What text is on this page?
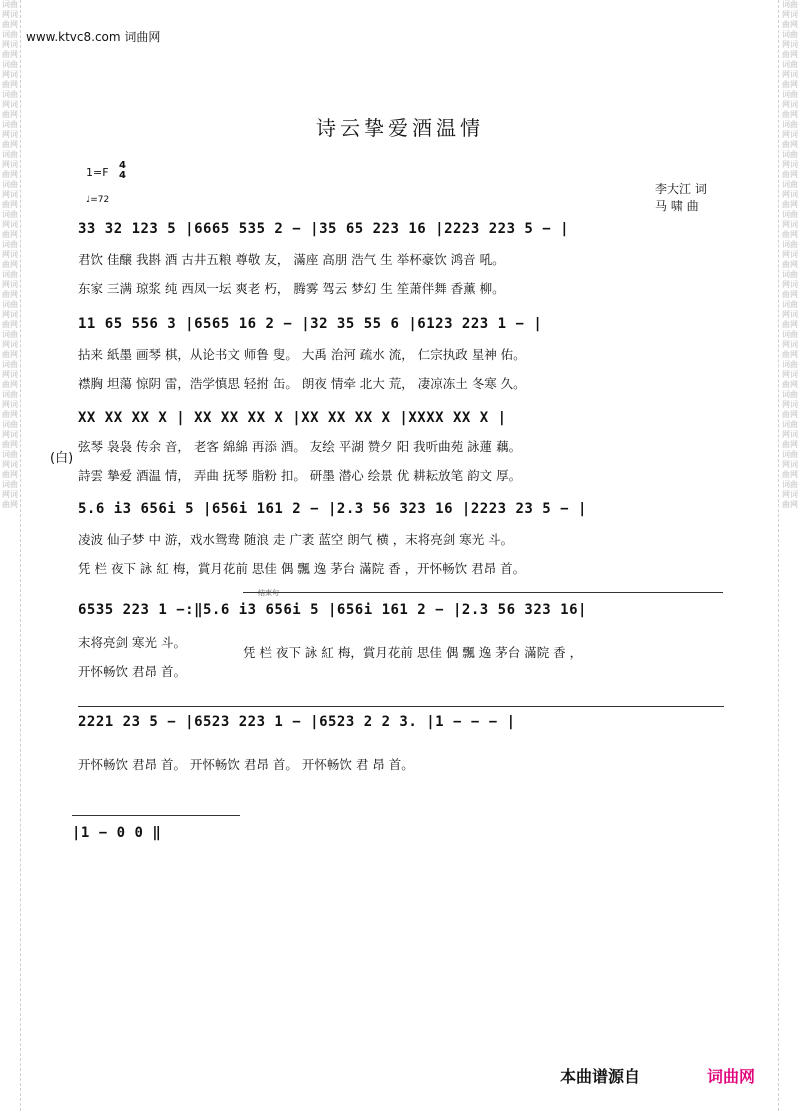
词曲网词曲网词曲网词曲网词曲网词曲网词曲网词曲网词曲网词曲网词曲网词曲网词曲网词曲网词曲网词曲网词曲网词曲网词曲网词曲网词曲网词曲网词曲网词曲网词曲网词曲网词曲网词曲网词曲网词曲网词曲网词曲网词曲网词曲网
词曲网词曲网词曲网词曲网词曲网词曲网词曲网词曲网词曲网词曲网词曲网词曲网词曲网词曲网词曲网词曲网词曲网词曲网词曲网词曲网词曲网词曲网词曲网词曲网词曲网词曲网词曲网词曲网词曲网词曲网词曲网词曲网词曲网词曲网
www.ktvc8.com 词曲网
诗云挚爱酒温情
1=F
4
4
♩=72
李大江 词
马 啸 曲
33 32 123 5 |6665 535 2 − |35 65 223 16 |2223 223 5 − |
君饮 佳醸 我斟 酒 古井五粮 尊敬 友， 滿座 高朋 浩气 生 举杯豪饮 鸿音 吼。
东家 三满 琼浆 纯 西凤一坛 爽老 朽， 腾雾 驾云 梦幻 生 笙萧伴舞 香薰 柳。
11 65 556 3 |6565 16 2 − |32 35 55 6 |6123 223 1 − |
拈来 紙墨 画琴 棋，从论书文 师鲁 叟。 大禹 治河 疏水 流， 仁宗执政 星神 佑。
襟胸 坦蕩 惊阴 雷，浩学慎思 轻拊 缶。 朗夜 情牵 北大 荒， 凄凉冻土 冬寒 久。
XX XX XX X | XX XX XX X |XX XX XX X |XXXX XX X |
(白)
弦琴 袅袅 传余 音， 老客 綿綿 再添 酒。 友绘 平湖 赞夕 阳 我听曲苑 詠蓮 藕。
詩雲 摯爱 酒温 情， 弄曲 抚琴 脂粉 扣。 研墨 潜心 绘景 优 耕耘放笔 韵文 厚。
5.6 i3 656i 5 |656i 161 2 − |2.3 56 323 16 |2223 23 5 − |
凌波 仙子梦 中 游，戏水鸳鸯 随浪 走 广袤 蓝空 朗气 横 ，末将亮剑 寒光 斗。
凭 栏 夜下 詠 紅 梅，賞月花前 思佳 偶 飄 逸 茅台 滿院 香 ，开怀畅饮 君昂 首。
结束句
6535 223 1 −:‖5.6 i3 656i 5 |656i 161 2 − |2.3 56 323 16|
末将亮剑 寒光 斗。
开怀畅饮 君昂 首。
凭 栏 夜下 詠 紅 梅，賞月花前 思佳 偶 飄 逸 茅台 滿院 香 ，
2221 23 5 − |6523 223 1 − |6523 2 2 3. |1 − − − |
开怀畅饮 君昂 首。 开怀畅饮 君昂 首。 开怀畅饮 君 昂 首。
|1 − 0 0 ‖
本曲谱源自	词曲网
